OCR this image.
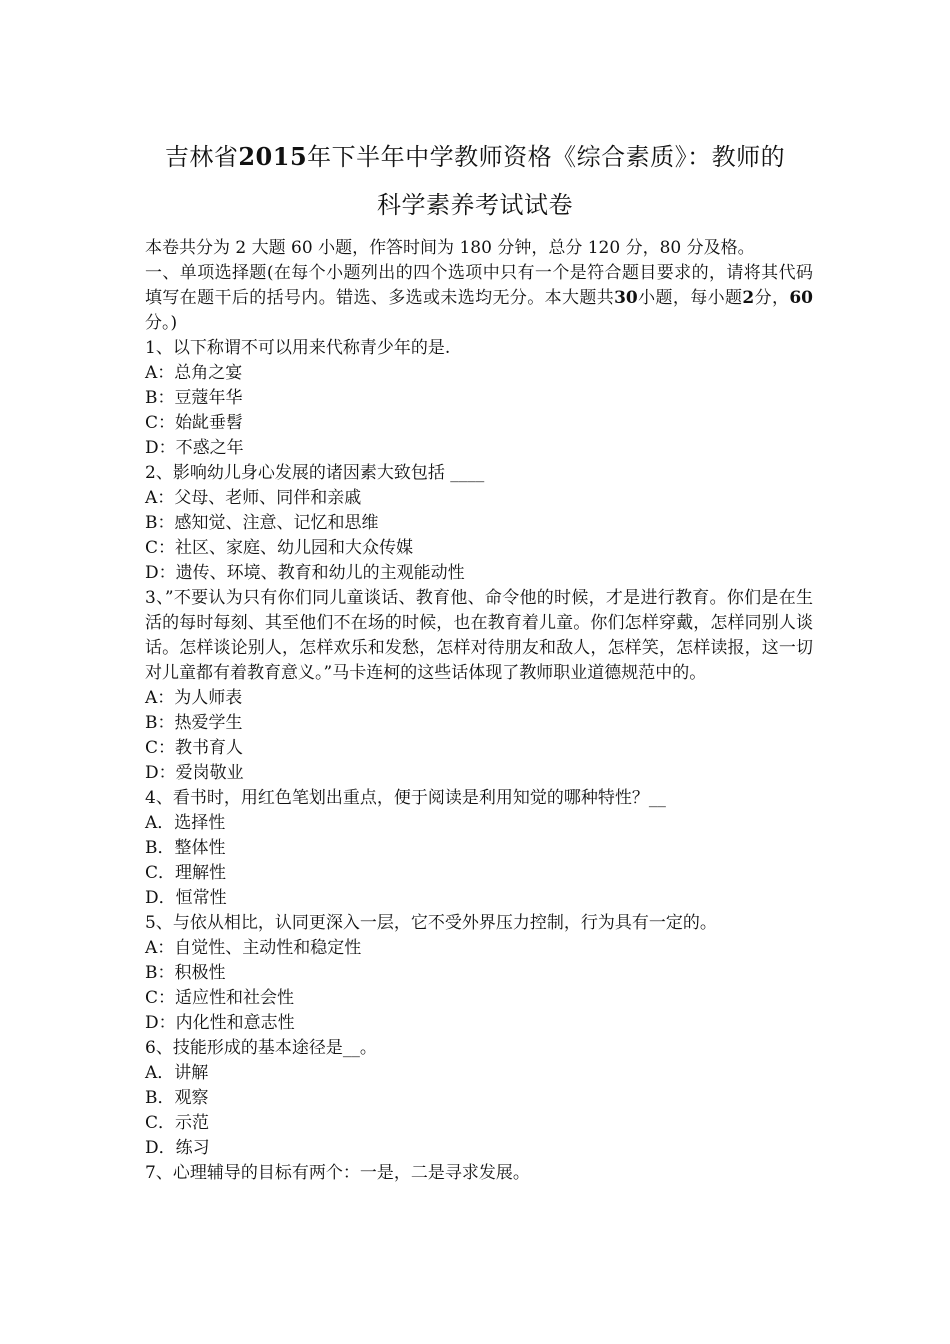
吉林省2015年下半年中学教师资格《综合素质》：教师的
科学素养考试试卷
本卷共分为 2 大题 60 小题，作答时间为 180 分钟，总分 120 分，80 分及格。
一、单项选择题(在每个小题列出的四个选项中只有一个是符合题目要求的，请将其代码填写在题干后的括号内。错选、多选或未选均无分。本大题共30小题，每小题2分，60分。)
1、以下称谓不可以用来代称青少年的是.
A：总角之宴
B：豆蔻年华
C：始龀垂髫
D：不惑之年
2、影响幼儿身心发展的诸因素大致包括 ____
A：父母、老师、同伴和亲戚
B：感知觉、注意、记忆和思维
C：社区、家庭、幼儿园和大众传媒
D：遗传、环境、教育和幼儿的主观能动性
3、”不要认为只有你们同儿童谈话、教育他、命令他的时候，才是进行教育。你们是在生活的每时每刻、其至他们不在场的时候，也在教育着儿童。你们怎样穿戴，怎样同别人谈话。怎样谈论别人，怎样欢乐和发愁，怎样对待朋友和敌人，怎样笑，怎样读报，这一切对儿童都有着教育意义。”马卡连柯的这些话体现了教师职业道德规范中的。
A：为人师表
B：热爱学生
C：教书育人
D：爱岗敬业
4、看书时，用红色笔划出重点，便于阅读是利用知觉的哪种特性？__
A．选择性
B．整体性
C．理解性
D．恒常性
5、与依从相比，认同更深入一层，它不受外界压力控制，行为具有一定的。
A：自觉性、主动性和稳定性
B：积极性
C：适应性和社会性
D：内化性和意志性
6、技能形成的基本途径是__。
A．讲解
B．观察
C．示范
D．练习
7、心理辅导的目标有两个：一是，二是寻求发展。
